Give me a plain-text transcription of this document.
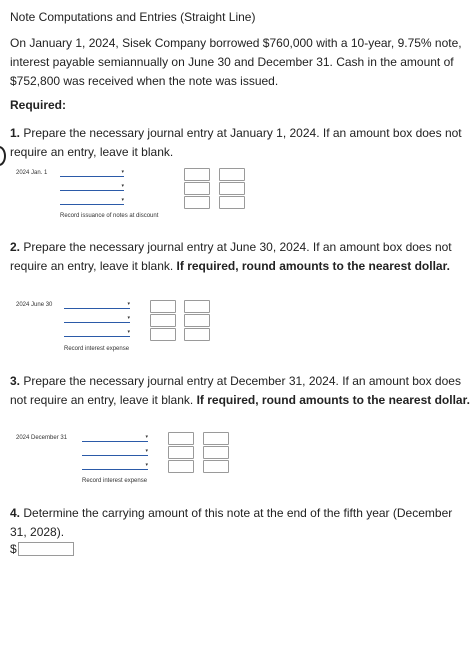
Note Computations and Entries (Straight Line)
On January 1, 2024, Sisek Company borrowed $760,000 with a 10-year, 9.75% note, interest payable semiannually on June 30 and December 31. Cash in the amount of $752,800 was received when the note was issued.
Required:
1. Prepare the necessary journal entry at January 1, 2024. If an amount box does not require an entry, leave it blank.
2024 Jan. 1	▾
▾
▾
Record issuance of notes at discount
2. Prepare the necessary journal entry at June 30, 2024. If an amount box does not require an entry, leave it blank. If required, round amounts to the nearest dollar.
2024 June 30	▾
▾
▾
Record interest expense
3. Prepare the necessary journal entry at December 31, 2024. If an amount box does not require an entry, leave it blank. If required, round amounts to the nearest dollar.
2024 December 31	▾
▾
▾
Record interest expense
4. Determine the carrying amount of this note at the end of the fifth year (December 31, 2028).
$
